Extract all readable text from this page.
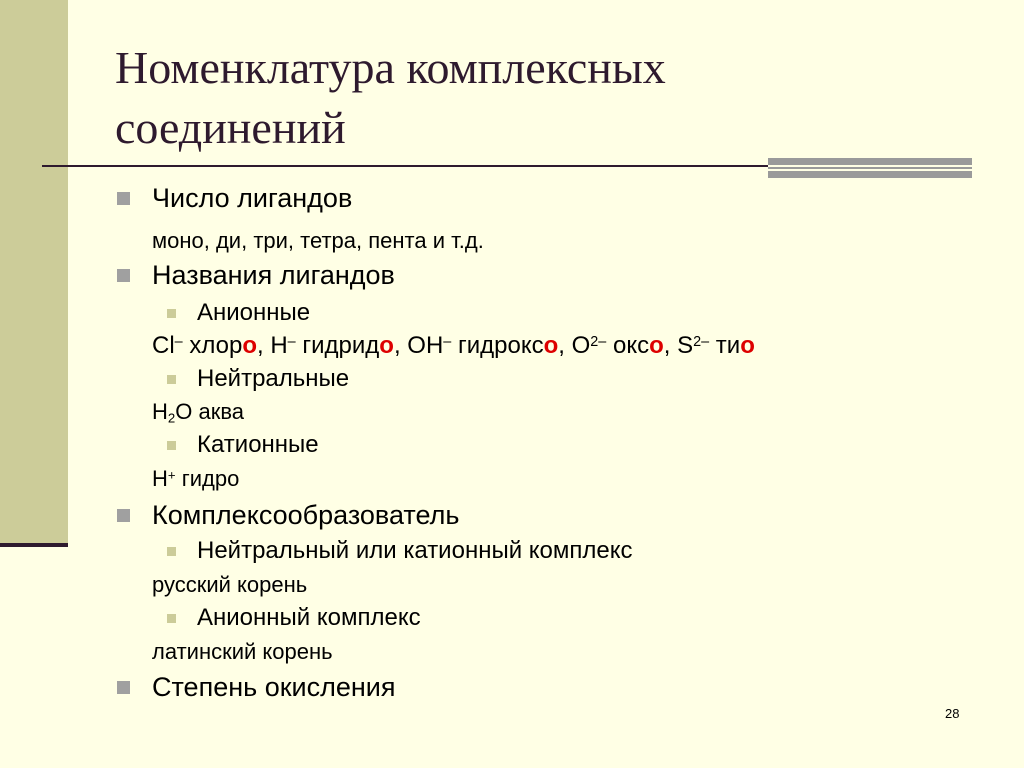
Номенклатура комплексных соединений
Число лигандов
моно, ди, три, тетра, пента и т.д.
Названия лигандов
Анионные
Cl– хлоро, H– гидридо, OH– гидроксо, $O^{2-}$ оксо, $S^{2-}$ тио
Нейтральные
$H_2O$ аква
Катионные
H+ гидро
Комплексообразователь
Нейтральный или катионный комплекс
русский корень
Анионный комплекс
латинский корень
Степень окисления
28
